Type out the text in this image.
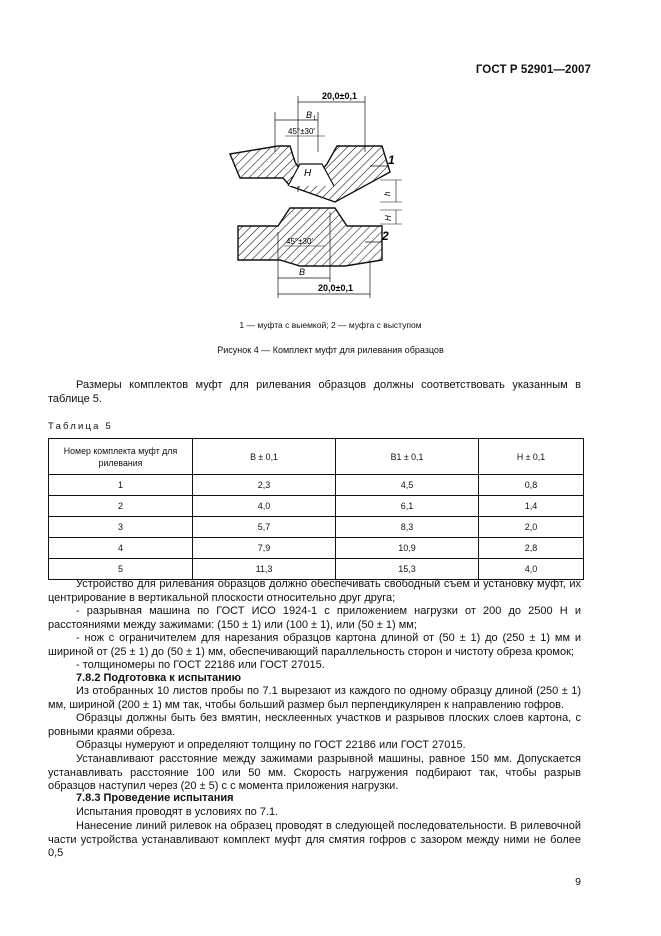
ГОСТ Р 52901—2007
20,0±0,1
B 1
45°±30′
H
1
h
H
45°±30′	2
B
20,0±0,1
1 — муфта с выемкой; 2 — муфта с выступом
Рисунок 4 — Комплект муфт для рилевания образцов
Размеры комплектов муфт для рилевания образцов должны соответствовать указанным в таблице 5.
Таблица 5
Номер комплекта муфт для рилевания	B ± 0,1	B1 ± 0,1	H ± 0,1
1	2,3	4,5	0,8
2	4,0	6,1	1,4
3	5,7	8,3	2,0
4	7,9	10,9	2,8
5	11,3	15,3	4,0
Устройство для рилевания образцов должно обеспечивать свободный съем и установку муфт, их центрирование в вертикальной плоскости относительно друг друга;
- разрывная машина по ГОСТ ИСО 1924-1 с приложением нагрузки от 200 до 2500 Н и расстояниями между зажимами: (150 ± 1) или (100 ± 1), или (50 ± 1) мм;
- нож с ограничителем для нарезания образцов картона длиной от (50 ± 1) до (250 ± 1) мм и шириной от (25 ± 1) до (50 ± 1) мм, обеспечивающий параллельность сторон и чистоту обреза кромок;
- толщиномеры по ГОСТ 22186 или ГОСТ 27015.
7.8.2 Подготовка к испытанию
Из отобранных 10 листов пробы по 7.1 вырезают из каждого по одному образцу длиной (250 ± 1) мм, шириной (200 ± 1) мм так, чтобы больший размер был перпендикулярен к направлению гофров.
Образцы должны быть без вмятин, несклеенных участков и разрывов плоских слоев картона, с ровными краями обреза.
Образцы нумеруют и определяют толщину по ГОСТ 22186 или ГОСТ 27015.
Устанавливают расстояние между зажимами разрывной машины, равное 150 мм. Допускается устанавливать расстояние 100 или 50 мм. Скорость нагружения подбирают так, чтобы разрыв образцов наступил через (20 ± 5) с с момента приложения нагрузки.
7.8.3 Проведение испытания
Испытания проводят в условиях по 7.1.
Нанесение линий рилевок на образец проводят в следующей последовательности. В рилевочной части устройства устанавливают комплект муфт для смятия гофров с зазором между ними не более 0,5
9
